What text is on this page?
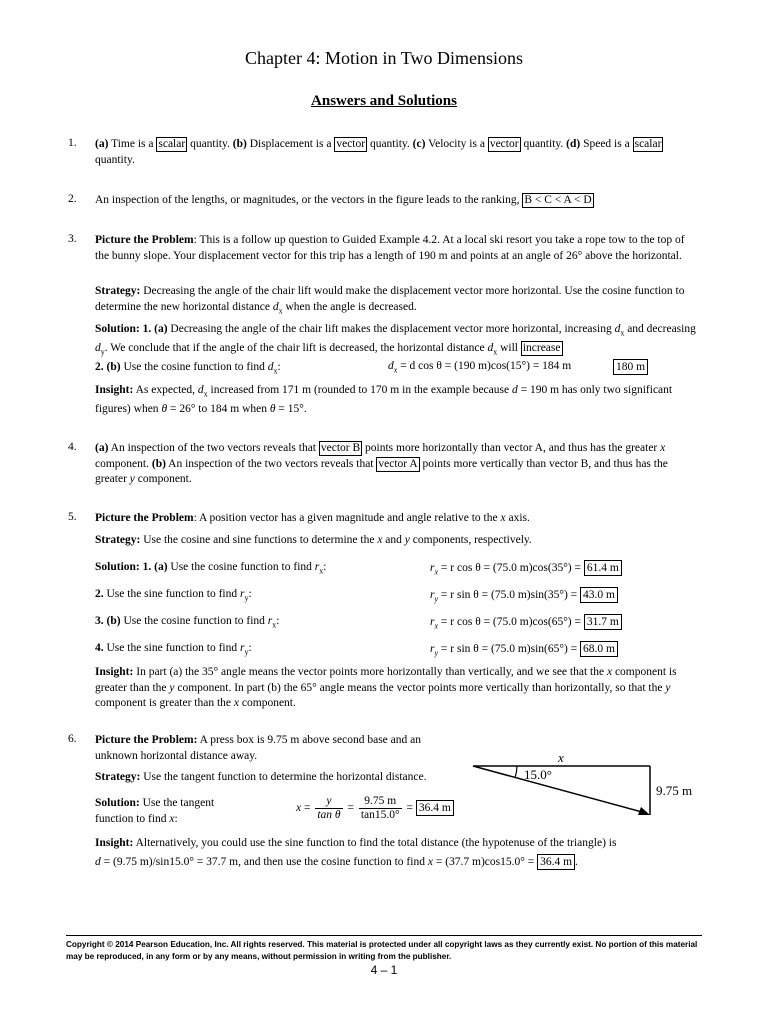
Chapter 4: Motion in Two Dimensions
Answers and Solutions
1. (a) Time is a scalar quantity. (b) Displacement is a vector quantity. (c) Velocity is a vector quantity. (d) Speed is a scalar quantity.
2. An inspection of the lengths, or magnitudes, or the vectors in the figure leads to the ranking, B < C < A < D
3. Picture the Problem: This is a follow up question to Guided Example 4.2. At a local ski resort you take a rope tow to the top of the bunny slope. Your displacement vector for this trip has a length of 190 m and points at an angle of 26° above the horizontal.
Strategy: Decreasing the angle of the chair lift would make the displacement vector more horizontal. Use the cosine function to determine the new horizontal distance $d_x$ when the angle is decreased.
Solution: 1. (a) Decreasing the angle of the chair lift makes the displacement vector more horizontal, increasing $d_x$ and decreasing $d_y$. We conclude that if the angle of the chair lift is decreased, the horizontal distance $d_x$ will increase
2. (b) Use the cosine function to find $d_x$:	$d_x = d$ cos θ = (190 m)cos(15°) = 184 m	180 m
Insight: As expected, $d_x$ increased from 171 m (rounded to 170 m in the example because d = 190 m has only two significant figures) when θ = 26° to 184 m when θ = 15°.
4. (a) An inspection of the two vectors reveals that vector B points more horizontally than vector A, and thus has the greater x component. (b) An inspection of the two vectors reveals that vector A points more vertically than vector B, and thus has the greater y component.
5. Picture the Problem: A position vector has a given magnitude and angle relative to the x axis.
Strategy: Use the cosine and sine functions to determine the x and y components, respectively.
Solution: 1. (a) Use the cosine function to find $r_x$:	$r_x = r$ cos θ = (75.0 m)cos(35°) = 61.4 m
2. Use the sine function to find $r_y$:	$r_y = r$ sin θ = (75.0 m)sin(35°) = 43.0 m
3. (b) Use the cosine function to find $r_x$:	$r_x = r$ cos θ = (75.0 m)cos(65°) = 31.7 m
4. Use the sine function to find $r_y$:	$r_y = r$ sin θ = (75.0 m)sin(65°) = 68.0 m
Insight: In part (a) the 35° angle means the vector points more horizontally than vertically, and we see that the x component is greater than the y component. In part (b) the 65° angle means the vector points more vertically than horizontally, so that the y component is greater than the x component.
6. Picture the Problem: A press box is 9.75 m above second base and an unknown horizontal distance away.
Strategy: Use the tangent function to determine the horizontal distance.
Solution: Use the tangent function to find x:
$x = \frac{y}{\text{tan θ}} = \frac{9.75 m}{\tan 15.0^\circ} = 36.4$ m
x
15.0°
9.75 m
Insight: Alternatively, you could use the sine function to find the total distance (the hypotenuse of the triangle) is
d = (9.75 m)/sin15.0° = 37.7 m, and then use the cosine function to find x = (37.7 m)cos15.0° = 36.4 m .
Copyright © 2014 Pearson Education, Inc. All rights reserved. This material is protected under all copyright laws as they currently exist. No portion of this material may be reproduced, in any form or by any means, without permission in writing from the publisher.
4 – 1
